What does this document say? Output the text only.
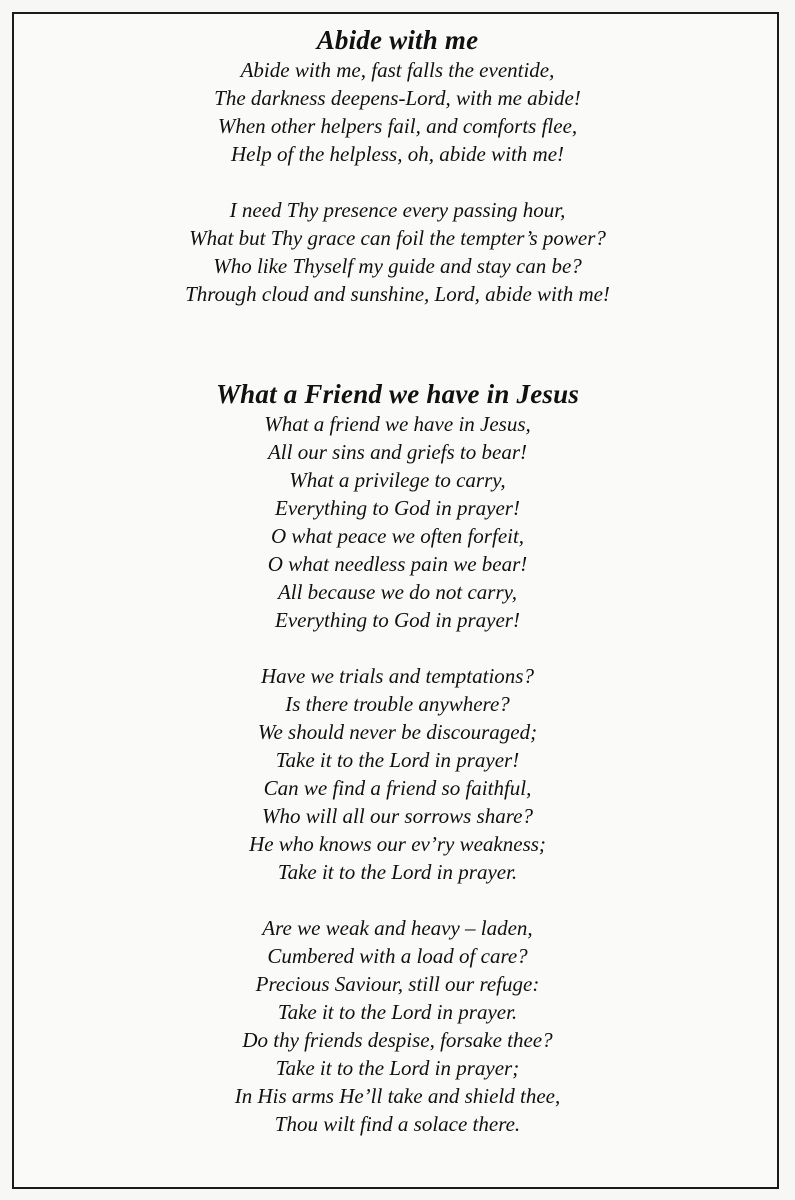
Abide with me
Abide with me, fast falls the eventide,
The darkness deepens-Lord, with me abide!
When other helpers fail, and comforts flee,
Help of the helpless, oh, abide with me!
I need Thy presence every passing hour,
What but Thy grace can foil the tempter’s power?
Who like Thyself my guide and stay can be?
Through cloud and sunshine, Lord, abide with me!
What a Friend we have in Jesus
What a friend we have in Jesus,
All our sins and griefs to bear!
What a privilege to carry,
Everything to God in prayer!
O what peace we often forfeit,
O what needless pain we bear!
All because we do not carry,
Everything to God in prayer!
Have we trials and temptations?
Is there trouble anywhere?
We should never be discouraged;
Take it to the Lord in prayer!
Can we find a friend so faithful,
Who will all our sorrows share?
He who knows our ev’ry weakness;
Take it to the Lord in prayer.
Are we weak and heavy – laden,
Cumbered with a load of care?
Precious Saviour, still our refuge:
Take it to the Lord in prayer.
Do thy friends despise, forsake thee?
Take it to the Lord in prayer;
In His arms He’ll take and shield thee,
Thou wilt find a solace there.
